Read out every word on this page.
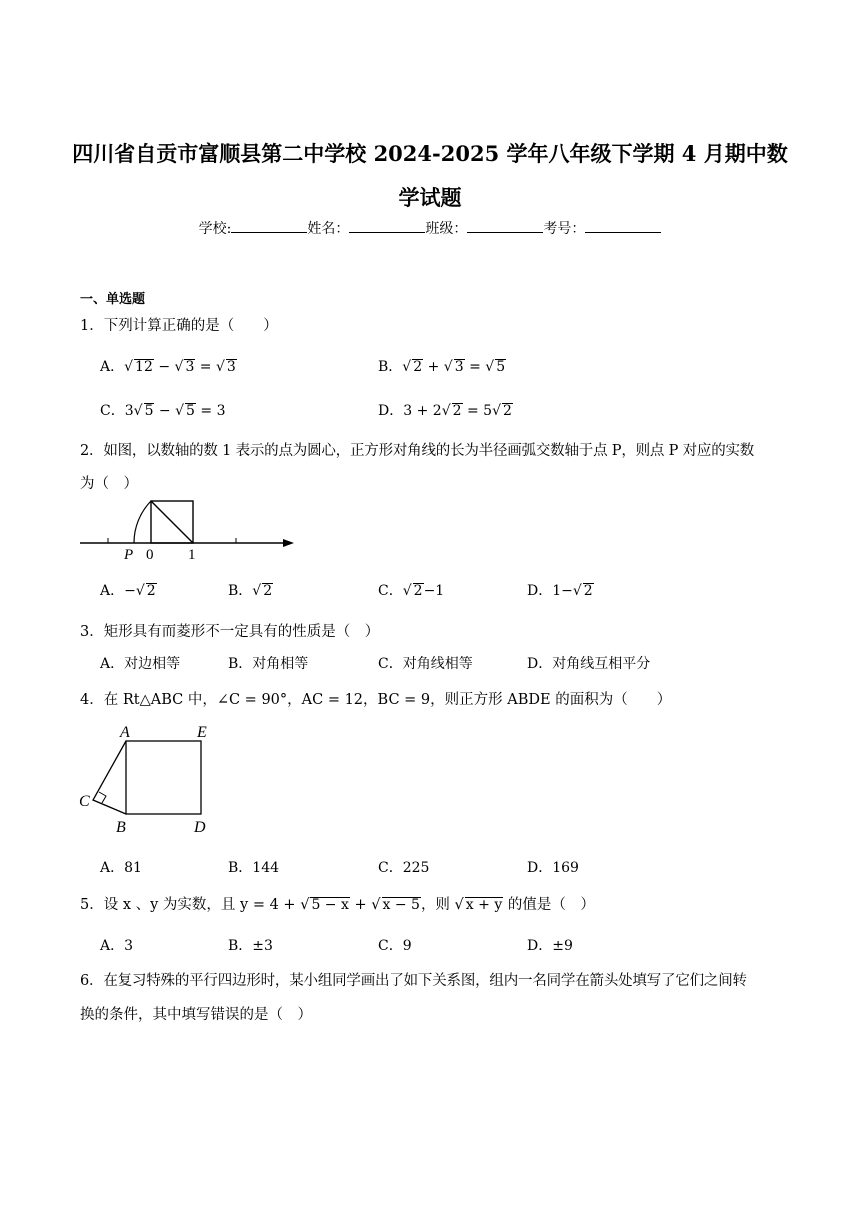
四川省自贡市富顺县第二中学校 2024-2025 学年八年级下学期 4 月期中数
学试题
学校:	姓名：	班级：	考号：
一、单选题
1．下列计算正确的是（　　）
A．√ 12 − √ 3 = √ 3	B．√ 2 + √ 3 = √ 5
C．3√ 5 − √ 5 = 3	D．3 + 2√ 2 = 5√ 2
2．如图，以数轴的数 1 表示的点为圆心，正方形对角线的长为半径画弧交数轴于点 P，则点 P 对应的实数
为（　）
P 0 1
A．−√ 2	B．√ 2	C．√ 2−1	D．1−√ 2
3．矩形具有而菱形不一定具有的性质是（　）
A．对边相等	B．对角相等	C．对角线相等	D．对角线互相平分
4．在 Rt△ABC 中，∠C = 90°，AC = 12，BC = 9，则正方形 ABDE 的面积为（　　）
A	E
C
B	D
A．81	B．144	C．225	D．169
5．设 x 、y 为实数，且 y = 4 + √ 5 − x + √ x − 5，则 √ x + y 的值是（　）
A．3	B．±3	C．9	D．±9
6．在复习特殊的平行四边形时，某小组同学画出了如下关系图，组内一名同学在箭头处填写了它们之间转
换的条件，其中填写错误的是（　）
